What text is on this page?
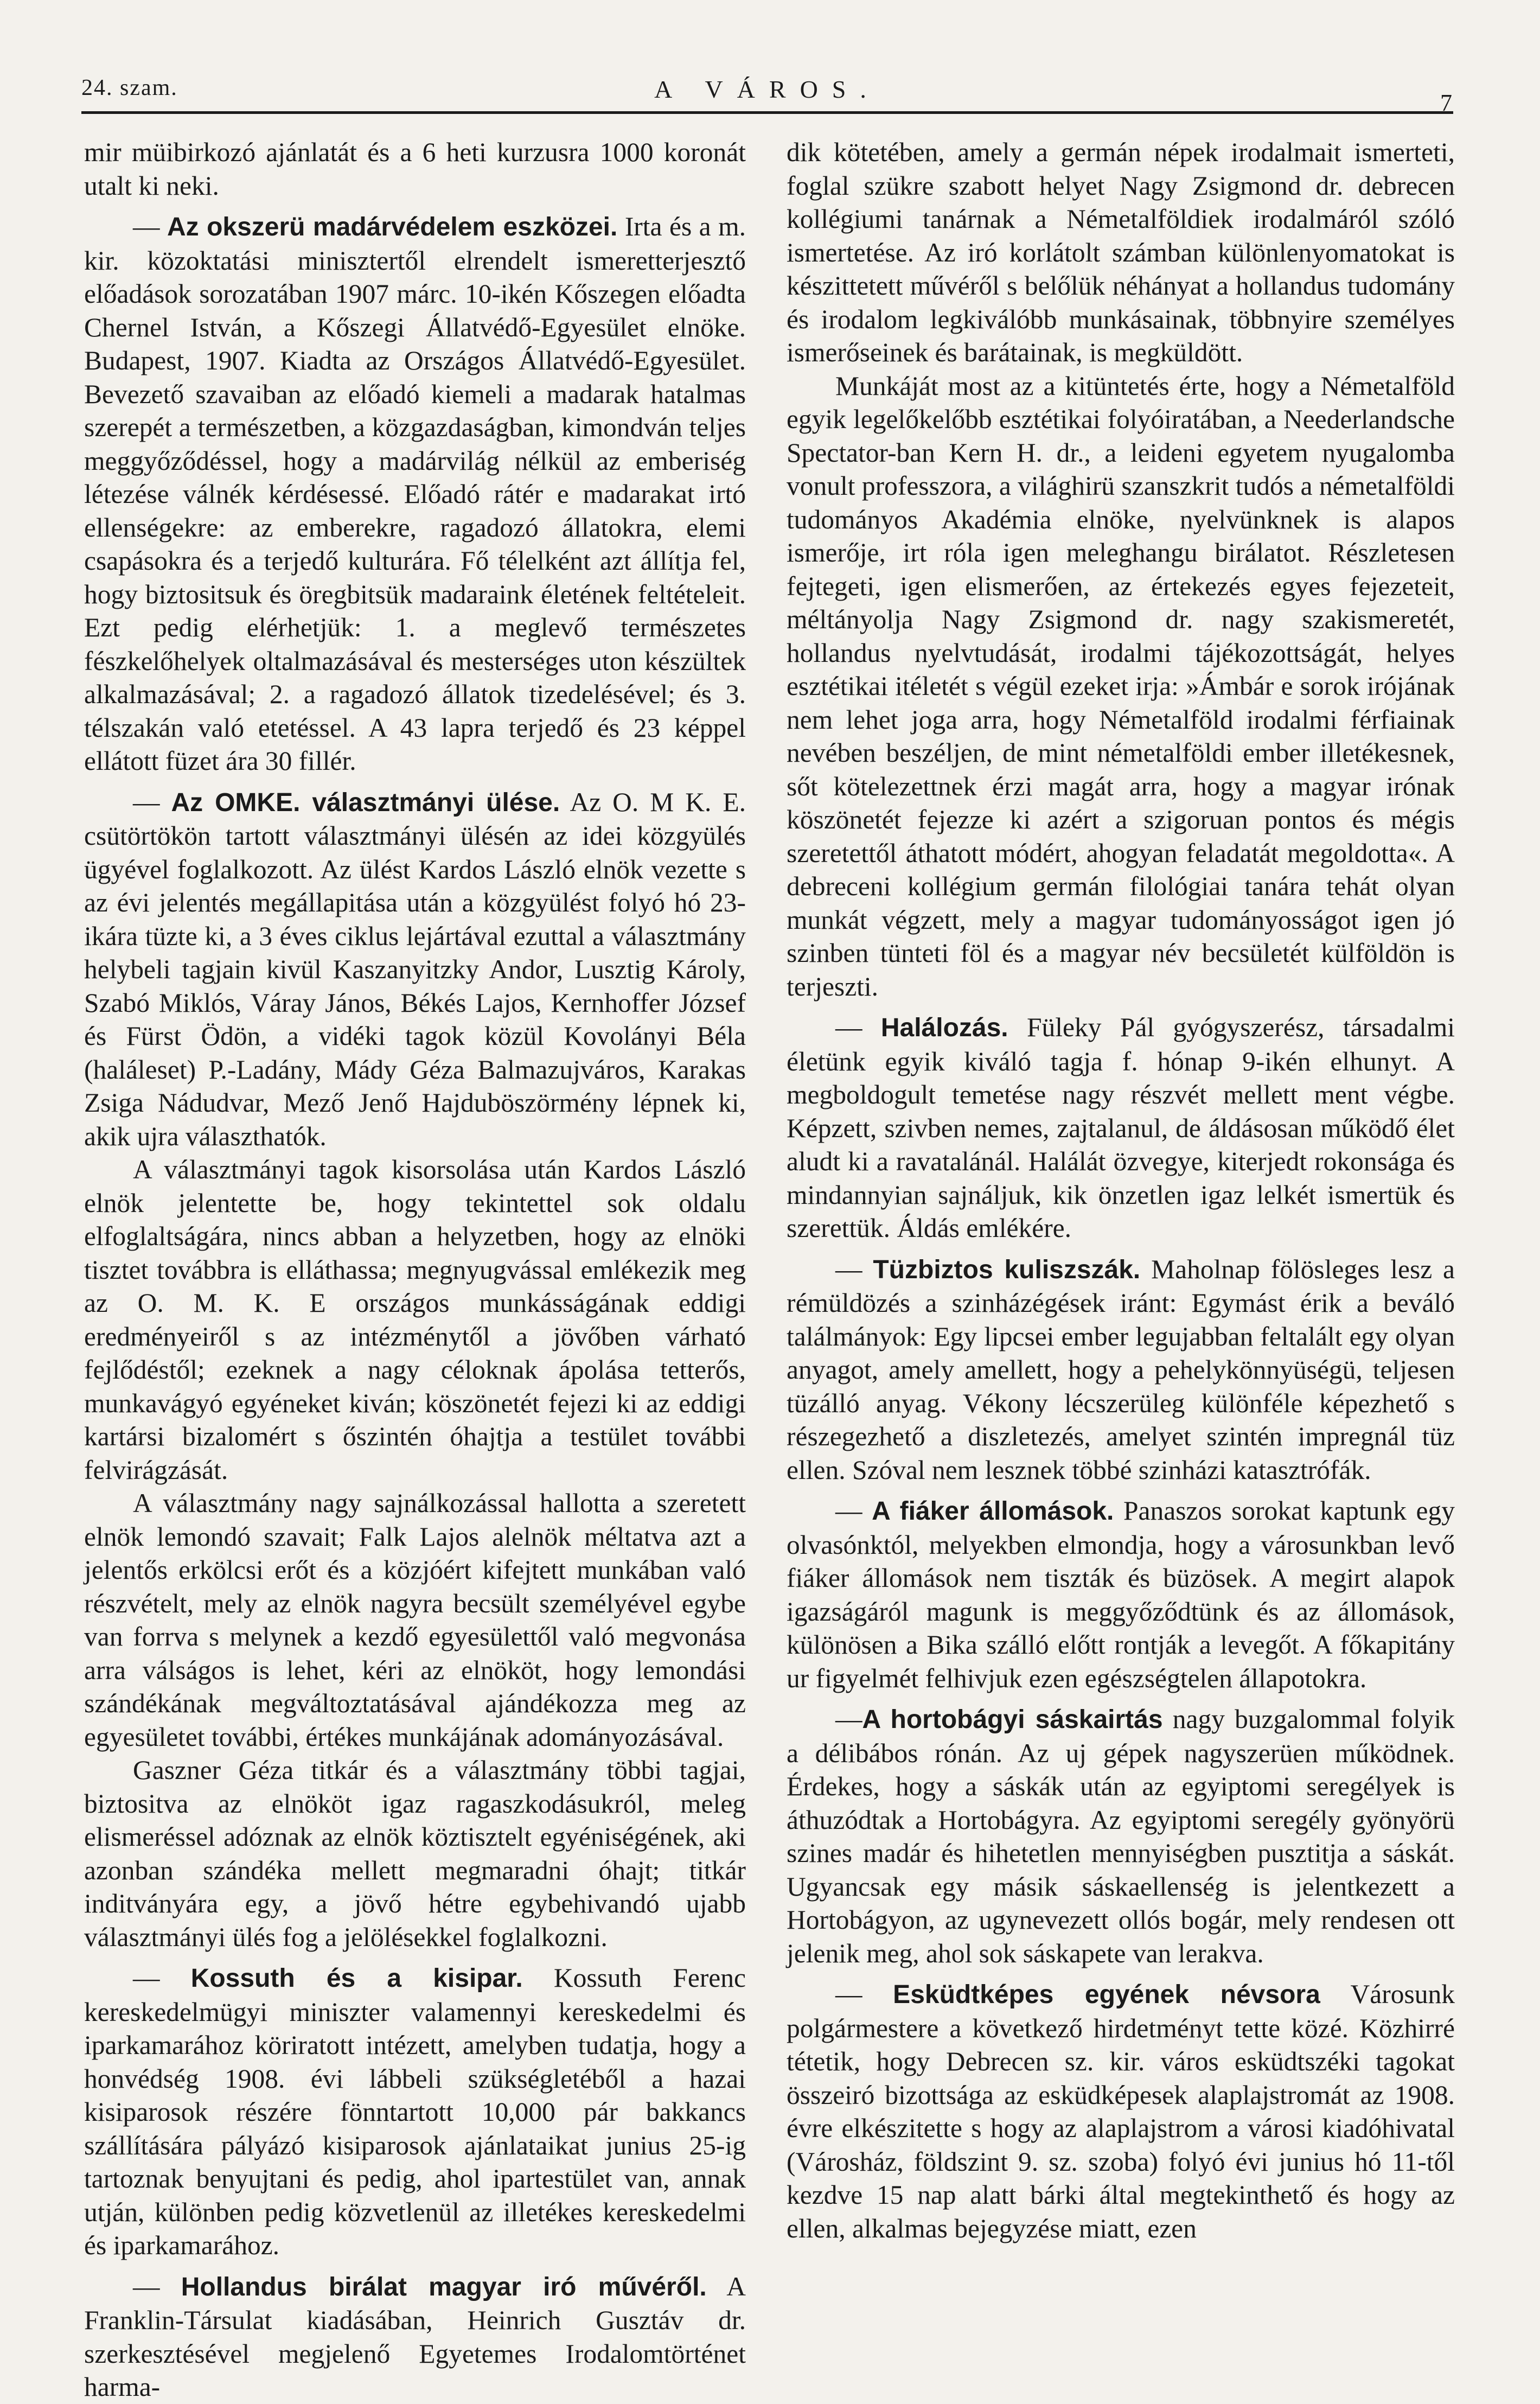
24. szam.	A VÁROS.	7

mir müibirkozó ajánlatát és a 6 heti kurzusra 1000 koronát utalt ki neki.

— Az okszerü madárvédelem eszközei. Irta és a m. kir. közoktatási minisztertől elrendelt ismeretterjesztő előadások sorozatában 1907 márc. 10-ikén Kőszegen előadta Chernel István, a Kőszegi Állatvédő-Egyesület elnöke. Budapest, 1907. Kiadta az Országos Állatvédő-Egyesület. Bevezető szavaiban az előadó kiemeli a madarak hatalmas szerepét a természetben, a közgazdaságban, kimondván teljes meggyőződéssel, hogy a madárvilág nélkül az emberiség létezése válnék kérdésessé. Előadó rátér e madarakat irtó ellenségekre: az emberekre, ragadozó állatokra, elemi csapásokra és a terjedő kulturára. Fő télelként azt állítja fel, hogy biztositsuk és öregbitsük madaraink életének feltételeit. Ezt pedig elérhetjük: 1. a meglevő természetes fészkelőhelyek oltalmazásával és mesterséges uton készültek alkalmazásával; 2. a ragadozó állatok tizedelésével; és 3. télszakán való etetéssel. A 43 lapra terjedő és 23 képpel ellátott füzet ára 30 fillér.

— Az OMKE. választmányi ülése. Az O. M K. E. csütörtökön tartott választmányi ülésén az idei közgyülés ügyével foglalkozott. Az ülést Kardos László elnök vezette s az évi jelentés megállapitása után a közgyülést folyó hó 23-ikára tüzte ki, a 3 éves ciklus lejártával ezuttal a választmány helybeli tagjain kivül Kaszanyitzky Andor, Lusztig Károly, Szabó Miklós, Váray János, Békés Lajos, Kernhoffer József és Fürst Ödön, a vidéki tagok közül Kovolányi Béla (haláleset) P.-Ladány, Mády Géza Balmazujváros, Karakas Zsiga Nádudvar, Mező Jenő Hajduböszörmény lépnek ki, akik ujra választhatók.

A választmányi tagok kisorsolása után Kardos László elnök jelentette be, hogy tekintettel sok oldalu elfoglaltságára, nincs abban a helyzetben, hogy az elnöki tisztet továbbra is elláthassa; megnyugvással emlékezik meg az O. M. K. E országos munkásságának eddigi eredményeiről s az intézménytől a jövőben várható fejlődéstől; ezeknek a nagy céloknak ápolása tetterős, munkavágyó egyéneket kiván; köszönetét fejezi ki az eddigi kartársi bizalomért s őszintén óhajtja a testület további felvirágzását.

A választmány nagy sajnálkozással hallotta a szeretett elnök lemondó szavait; Falk Lajos alelnök méltatva azt a jelentős erkölcsi erőt és a közjóért kifejtett munkában való részvételt, mely az elnök nagyra becsült személyével egybe van forrva s melynek a kezdő egyesülettől való megvonása arra válságos is lehet, kéri az elnököt, hogy lemondási szándékának megváltoztatásával ajándékozza meg az egyesületet további, értékes munkájának adományozásával.

Gaszner Géza titkár és a választmány többi tagjai, biztositva az elnököt igaz ragaszkodásukról, meleg elismeréssel adóznak az elnök köztisztelt egyéniségének, aki azonban szándéka mellett megmaradni óhajt; titkár inditványára egy, a jövő hétre egybehivandó ujabb választmányi ülés fog a jelölésekkel foglalkozni.

— Kossuth és a kisipar. Kossuth Ferenc kereskedelmügyi miniszter valamennyi kereskedelmi és iparkamarához köriratott intézett, amelyben tudatja, hogy a honvédség 1908. évi lábbeli szükségletéből a hazai kisiparosok részére fönntartott 10,000 pár bakkancs szállítására pályázó kisiparosok ajánlataikat junius 25-ig tartoznak benyujtani és pedig, ahol ipartestület van, annak utján, különben pedig közvetlenül az illetékes kereskedelmi és iparkamarához.

— Hollandus birálat magyar iró művéről. A Franklin-Társulat kiadásában, Heinrich Gusztáv dr. szerkesztésével megjelenő Egyetemes Irodalomtörténet harma-

dik kötetében, amely a germán népek irodalmait ismerteti, foglal szükre szabott helyet Nagy Zsigmond dr. debrecen kollégiumi tanárnak a Németalföldiek irodalmáról szóló ismertetése. Az iró korlátolt számban különlenyomatokat is készittetett művéről s belőlük néhányat a hollandus tudomány és irodalom legkiválóbb munkásainak, többnyire személyes ismerőseinek és barátainak, is megküldött.

Munkáját most az a kitüntetés érte, hogy a Németalföld egyik legelőkelőbb esztétikai folyóiratában, a Neederlandsche Spectator-ban Kern H. dr., a leideni egyetem nyugalomba vonult professzora, a világhirü szanszkrit tudós a németalföldi tudományos Akadémia elnöke, nyelvünknek is alapos ismerője, irt róla igen meleghangu birálatot. Részletesen fejtegeti, igen elismerően, az értekezés egyes fejezeteit, méltányolja Nagy Zsigmond dr. nagy szakismeretét, hollandus nyelvtudását, irodalmi tájékozottságát, helyes esztétikai itéletét s végül ezeket irja: »Ámbár e sorok irójának nem lehet joga arra, hogy Németalföld irodalmi férfiainak nevében beszéljen, de mint németalföldi ember illetékesnek, sőt kötelezettnek érzi magát arra, hogy a magyar irónak köszönetét fejezze ki azért a szigoruan pontos és mégis szeretettől áthatott módért, ahogyan feladatát megoldotta«. A debreceni kollégium germán filológiai tanára tehát olyan munkát végzett, mely a magyar tudományosságot igen jó szinben tünteti föl és a magyar név becsületét külföldön is terjeszti.

— Halálozás. Füleky Pál gyógyszerész, társadalmi életünk egyik kiváló tagja f. hónap 9-ikén elhunyt. A megboldogult temetése nagy részvét mellett ment végbe. Képzett, szivben nemes, zajtalanul, de áldásosan működő élet aludt ki a ravatalánál. Halálát özvegye, kiterjedt rokonsága és mindannyian sajnáljuk, kik önzetlen igaz lelkét ismertük és szerettük. Áldás emlékére.

— Tüzbiztos kuliszszák. Maholnap fölösleges lesz a rémüldözés a szinházégések iránt: Egymást érik a beváló találmányok: Egy lipcsei ember legujabban feltalált egy olyan anyagot, amely amellett, hogy a pehelykönnyüségü, teljesen tüzálló anyag. Vékony lécszerüleg különféle képezhető s részegezhető a diszletezés, amelyet szintén impregnál tüz ellen. Szóval nem lesznek többé szinházi katasztrófák.

— A fiáker állomások. Panaszos sorokat kaptunk egy olvasónktól, melyekben elmondja, hogy a városunkban levő fiáker állomások nem tiszták és büzösek. A megirt alapok igazságáról magunk is meggyőződtünk és az állomások, különösen a Bika szálló előtt rontják a levegőt. A főkapitány ur figyelmét felhivjuk ezen egészségtelen állapotokra.

—A hortobágyi sáskairtás nagy buzgalommal folyik a délibábos rónán. Az uj gépek nagyszerüen működnek. Érdekes, hogy a sáskák után az egyiptomi seregélyek is áthuzódtak a Hortobágyra. Az egyiptomi seregély gyönyörü szines madár és hihetetlen mennyiségben pusztitja a sáskát. Ugyancsak egy másik sáskaellenség is jelentkezett a Hortobágyon, az ugynevezett ollós bogár, mely rendesen ott jelenik meg, ahol sok sáskapete van lerakva.

— Esküdtképes egyének névsora Városunk polgármestere a következő hirdetményt tette közé. Közhirré tétetik, hogy Debrecen sz. kir. város esküdtszéki tagokat összeiró bizottsága az esküdképesek alaplajstromát az 1908. évre elkészitette s hogy az alaplajstrom a városi kiadóhivatal (Városház, földszint 9. sz. szoba) folyó évi junius hó 11-től kezdve 15 nap alatt bárki által megtekinthető és hogy az ellen, alkalmas bejegyzése miatt, ezen
